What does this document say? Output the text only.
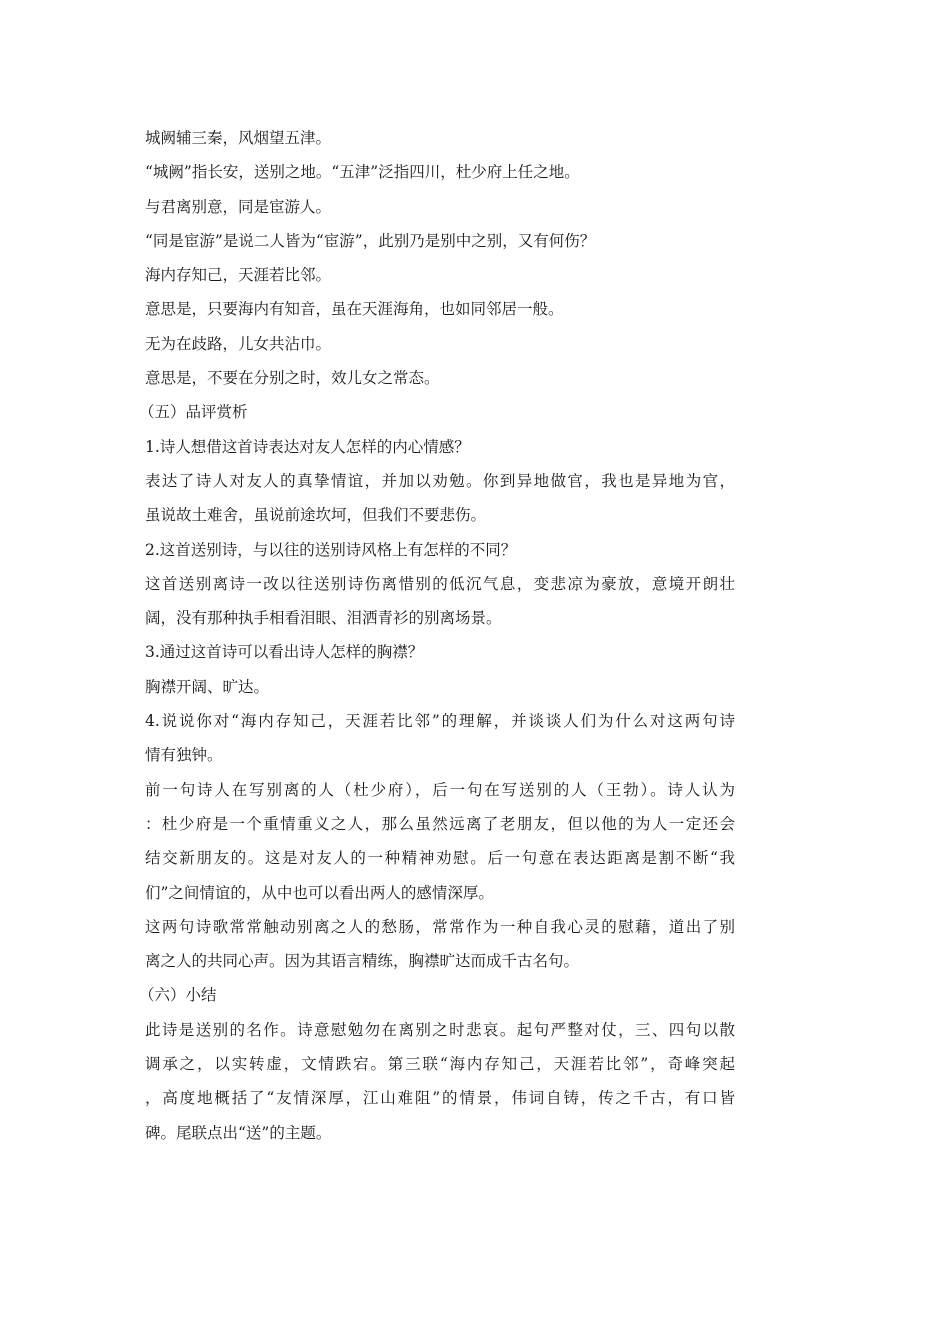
城阙辅三秦，风烟望五津。
“城阙”指长安，送别之地。“五津”泛指四川，杜少府上任之地。
与君离别意，同是宦游人。
“同是宦游”是说二人皆为“宦游”，此别乃是别中之别，又有何伤？
海内存知己，天涯若比邻。
意思是，只要海内有知音，虽在天涯海角，也如同邻居一般。
无为在歧路，儿女共沾巾。
意思是，不要在分别之时，效儿女之常态。
（五）品评赏析
1.诗人想借这首诗表达对友人怎样的内心情感？
表达了诗人对友人的真挚情谊，并加以劝勉。你到异地做官，我也是异地为官，
虽说故土难舍，虽说前途坎坷，但我们不要悲伤。
2.这首送别诗，与以往的送别诗风格上有怎样的不同？
这首送别离诗一改以往送别诗伤离惜别的低沉气息，变悲凉为豪放，意境开朗壮
阔，没有那种执手相看泪眼、泪洒青衫的别离场景。
3.通过这首诗可以看出诗人怎样的胸襟？
胸襟开阔、旷达。
4.说说你对“海内存知己，天涯若比邻”的理解，并谈谈人们为什么对这两句诗
情有独钟。
前一句诗人在写别离的人（杜少府），后一句在写送别的人（王勃）。诗人认为
：杜少府是一个重情重义之人，那么虽然远离了老朋友，但以他的为人一定还会
结交新朋友的。这是对友人的一种精神劝慰。后一句意在表达距离是割不断“我
们”之间情谊的，从中也可以看出两人的感情深厚。
这两句诗歌常常触动别离之人的愁肠，常常作为一种自我心灵的慰藉，道出了别
离之人的共同心声。因为其语言精练，胸襟旷达而成千古名句。
（六）小结
此诗是送别的名作。诗意慰勉勿在离别之时悲哀。起句严整对仗，三、四句以散
调承之，以实转虚，文情跌宕。第三联“海内存知己，天涯若比邻”，奇峰突起
，高度地概括了“友情深厚，江山难阻”的情景，伟词自铸，传之千古，有口皆
碑。尾联点出“送”的主题。
